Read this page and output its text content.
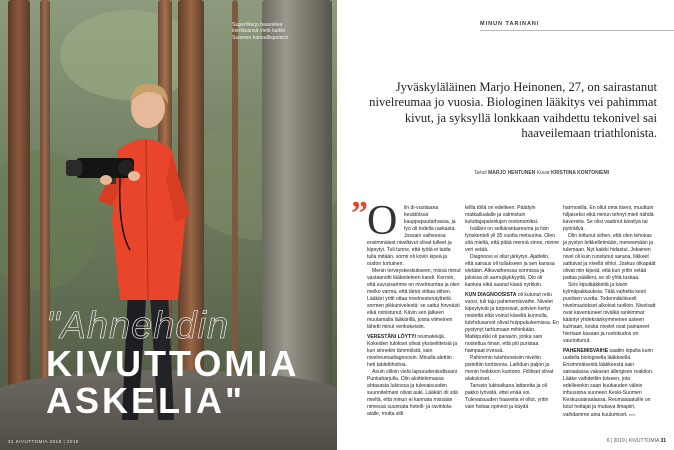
SuperMarjo haaveilee kiertävänsä vielä kaikki Suomen kansallispuistot.
"Ahnehdin
KIVUTTOMIA
ASKELIA"
31 KIVUTTOMIA 2019 | 2019
MINUN TARINANI
Jyväskyläläinen Marjo Heinonen, 27, on sairastanut nivelreumaa jo vuosia. Biologinen lääkitys vei pahimmat kivut, ja syksyllä lonkkaan vaihdettu tekonivel sai haaveilemaan triathlonista.
Teksti MARJO HENTUNEN Kuvat KRISTIINA KONTONIEMI
” O	lin di-vuotiaana kesätöissä kauppapuutarhassa, ja työ oli todella raskasta. Jossain vaiheessa ensimmäiset nivelkivut olivat tulleet ja kipeytyi. Tuli tunne, että työtä ei taida tulla mitään, sormi oli kovin kipeä ja oudon turtuinen.

Menin terveyskeskukseen, missä minut vastaanotti lääketieteen kandi. Kerroin, että suvussamme on nivelreumaa ja olen melko varma, että tämä viittaa siihen. Lääkäri yritti ottaa nivelnestenäytteitä sormen pikkunivelestä: se sattui hirveästi eikä onnistunut. Kävin sen jälkeen muutamalla lääkärillä, joista viimeinen lähetti minut verikokeisiin.

VERESTÄNI LÖYTYI reumatekijä. Kokeiden tulokset olivat yksiselitteisiä ja kun sinnekin tämmöistä, sain nivelreumadiagnoosin. Minulla alettiin heti tablettihoitoa.

Asuin silloin vielä lapsuudenkodissani Punkaharjulla. Olin aloittelemassa ahtavasta lukiossa ja tulevaisuuden suunnitelmani olivat auki. Lääkäri oli sitä mieltä, että minun ei kannata missään nimessä suunnata hotelli- ja ravintola-alalle, mutta silti

tellla töitä on edelleen. Päädyin matkailualalle ja valmistuin kuluttajapalvelujen restonomiksi.

Isälläni on selkärankareuma ja hän työskenteli yli 35 vuotta metsurina. Olen sitä mieltä, että pitää mennä sinne, minne veri vetää.

Diagnoosi ei ollut järkytys. Ajattelin, että sairaus oli tullakseen ja sen kanssa eletään. Alkuvaiheessa sormissa ja jaloissa oli aamujäykkyyttä. Olo oli kankea eikä saanut käsiä nyrkkiin.

KUN DIAGNOOSISTA oli kulunut reilu vuosi, tuli taju pahenemisvaihe. Nivelet kipeytyivät ja turposivat, polvien kertyi nestettä eikä voinut kävellä kunnolla, tulehdusarvot olivat huippukukemissa. En pystynyt tarttumaan mihinkään. Matkipurkki oli panavin, jonka sain nostettua ilman, että piti puristaa hampaat irvessä.

Pahimmin tulehtuneisiin niveliin pistettiin kortisonia. Laihduin paljon ja menin heikkoon kuntoon. Fiilikset olivat alakuloiset.

Tanssin lukioaikana lattareita ja oli pakko lyövätä, ettei enää voi. Tulevaisuuden haaveita ei ollut, yritin vain hoitaa opinnot ja käydä

harrnosilla. En ollut oma itseni, muuttuin hiljaiseksi eikä minun tehnyt mieli nähdä kavereita. Se olisi vaatinut kävelyä tai pyöräilyä.

Olin tottunut siihen, että olen tehokas ja pystyn leikkelleimään, meneemään ja tulemaan. Nyt kaikki hidastui. Jokainen nivel oli kuin ruostunut sarana, liikkeet sattuivat ja nivellä vihloi. Joskus olkapäät olivat niin kipeät, että kun yritin vetää paitaa päälleni, se oli yhtä tuskaa.

Siirs kipulääkkeitä ja kävin kylmäpakkauksia. Tätä vaihetta kesti puolisen vuotta. Todennäköisesti nivelmuutokset alkoivat tuolloin. Nivelsatt ovat kaventuneet nivälkä rankimmat kääntyi yhdeksänkymmenen asteen kulmaan, koska nivelet ovat painaneet hiertaan kasaan ja ruotokudos on vaurioitunut.

PAHENEMISVAIHE saatiin lopulta kurin uudella biologisella lääkkeellä. Ensimmäisestä lääkkeestä sain sairaalassa vakavan allergisen reaktion. Lääke vaihdettiin toiseen, jota edelleenkin saan kuukauden välein infuusiona suoneen Keski-Suomen Keskussairaalassa. Reumasaatuille on tutut hoitajat ja mukava ilmapiiri, vaihdamme aina kuulumiset. ▸▸▸

6 | 2019 | KIVUTTOMIA 31
